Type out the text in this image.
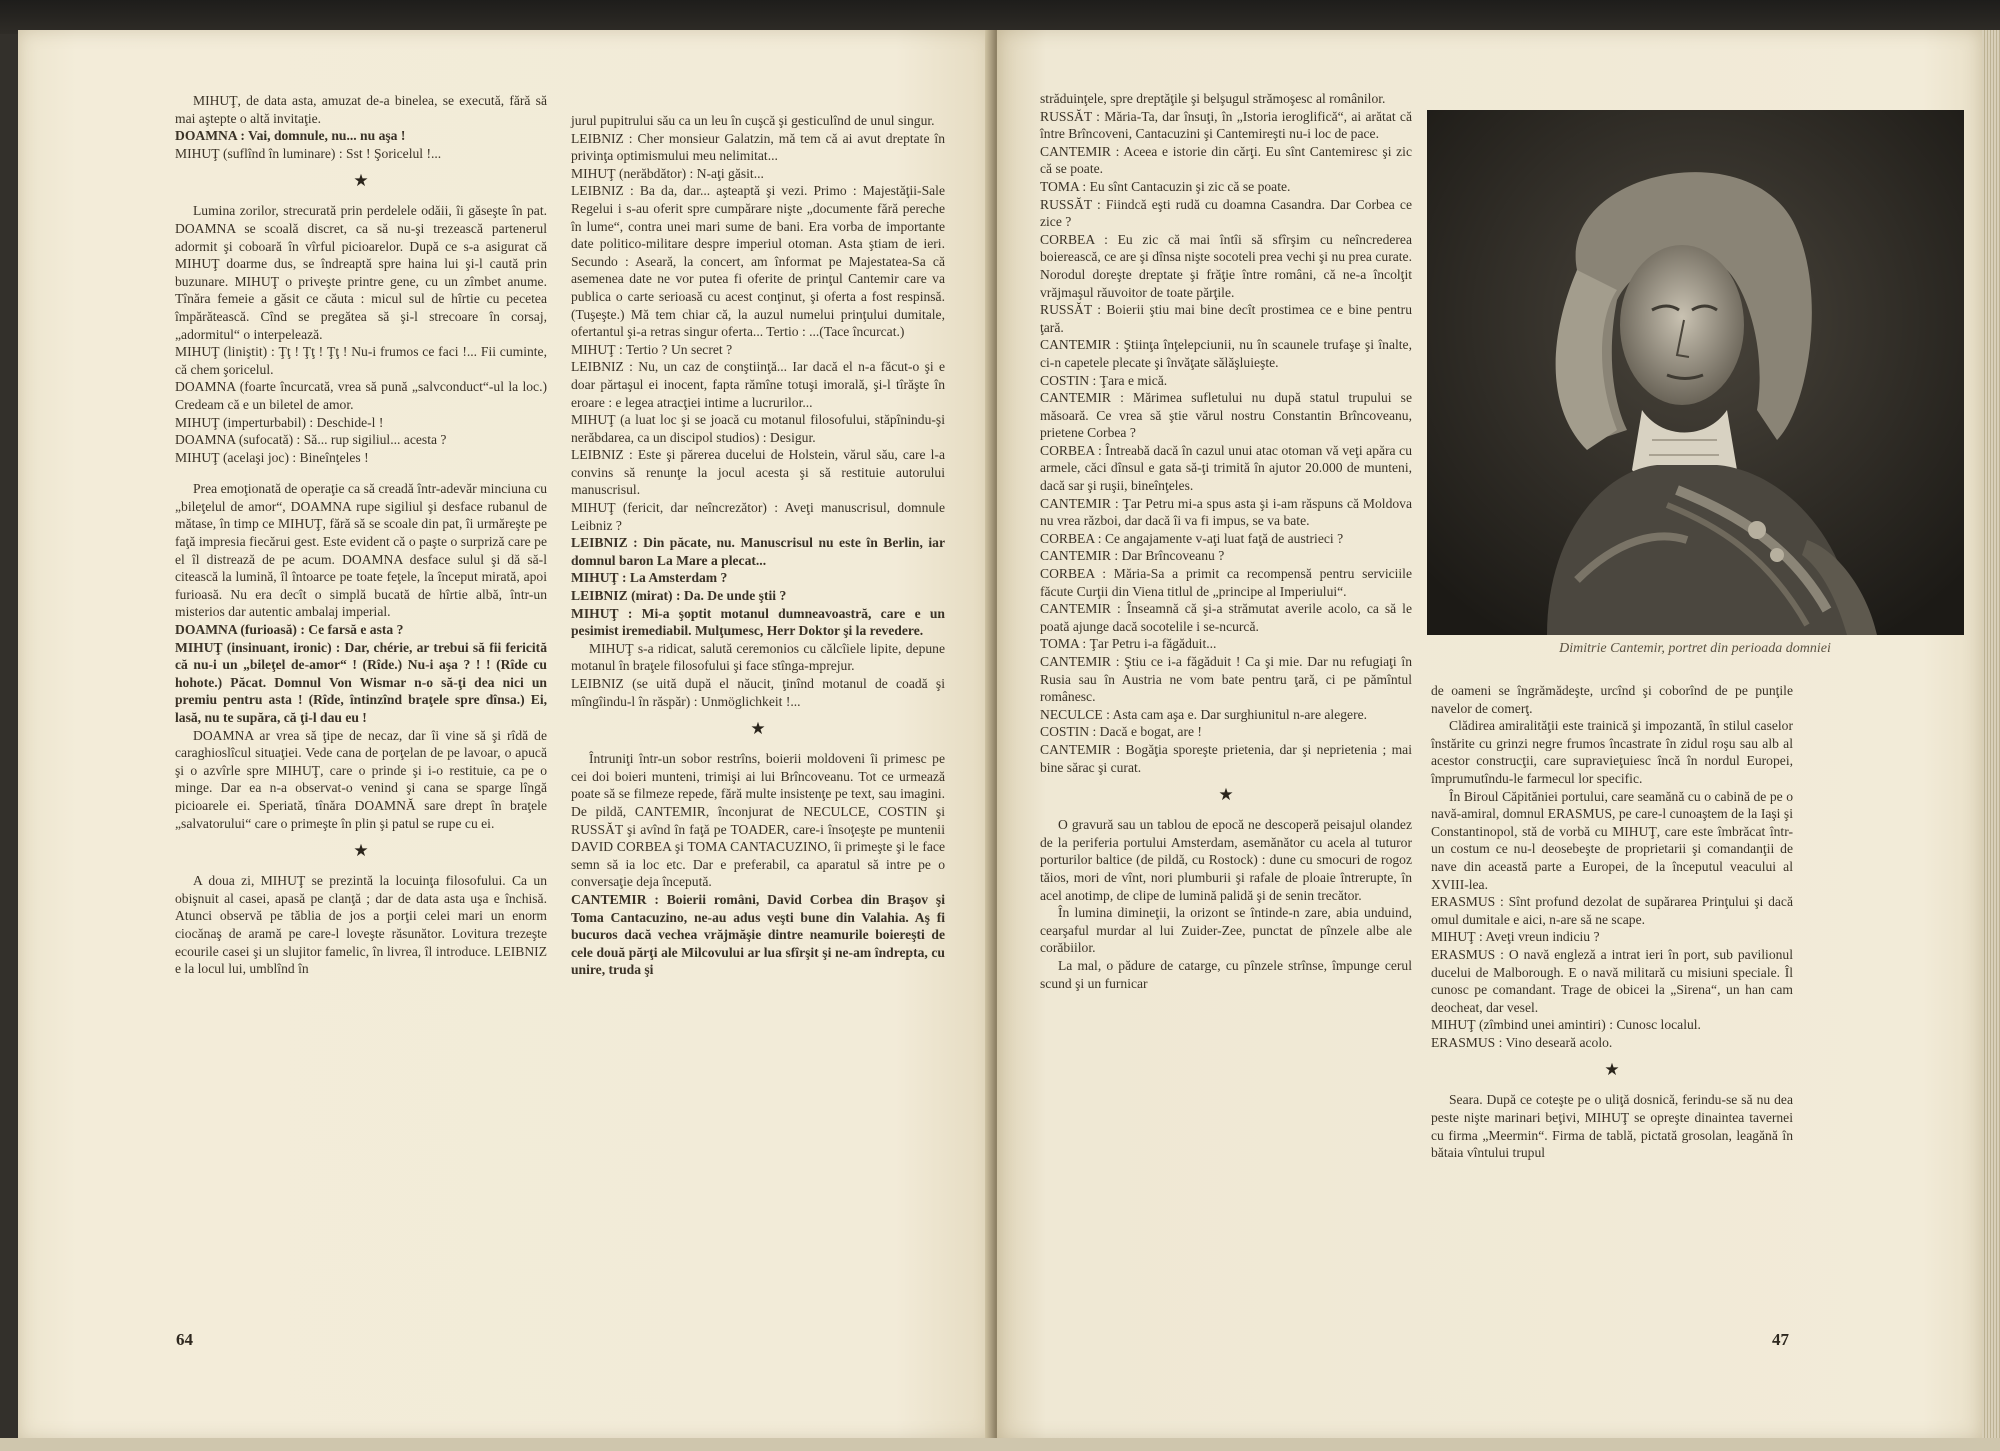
MIHUŢ, de data asta, amuzat de-a binelea, se execută, fără să mai aştepte o altă invitaţie.

DOAMNA : Vai, domnule, nu... nu aşa !

MIHUŢ (suflînd în luminare) : Sst ! Şoricelul !...

★

Lumina zorilor, strecurată prin perdelele odăii, îi găseşte în pat. DOAMNA se scoală discret, ca să nu-şi trezească partenerul adormit şi coboară în vîrful picioarelor. După ce s-a asigurat că MIHUŢ doarme dus, se îndreaptă spre haina lui şi-l caută prin buzunare. MIHUŢ o priveşte printre gene, cu un zîmbet anume. Tînăra femeie a găsit ce căuta : micul sul de hîrtie cu pecetea împărătească. Cînd se pregătea să şi-l strecoare în corsaj, „adormitul“ o interpelează.

MIHUŢ (liniştit) : Ţţ ! Ţţ ! Ţţ ! Nu-i frumos ce faci !... Fii cuminte, că chem şoricelul.

DOAMNA (foarte încurcată, vrea să pună „salvconduct“-ul la loc.) Credeam că e un biletel de amor.

MIHUŢ (imperturbabil) : Deschide-l !

DOAMNA (sufocată) : Să... rup sigiliul... acesta ?

MIHUŢ (acelaşi joc) : Bineînţeles !

Prea emoţionată de operaţie ca să creadă într-adevăr minciuna cu „bileţelul de amor“, DOAMNA rupe sigiliul şi desface rubanul de mătase, în timp ce MIHUŢ, fără să se scoale din pat, îi urmăreşte pe faţă impresia fiecărui gest. Este evident că o paşte o surpriză care pe el îl distrează de pe acum. DOAMNA desface sulul şi dă să-l citească la lumină, îl întoarce pe toate feţele, la început mirată, apoi furioasă. Nu era decît o simplă bucată de hîrtie albă, într-un misterios dar autentic ambalaj imperial.

DOAMNA (furioasă) : Ce farsă e asta ?

MIHUŢ (insinuant, ironic) : Dar, chérie, ar trebui să fii fericită că nu-i un „bileţel de-amor“ ! (Rîde.) Nu-i aşa ? ! ! (Rîde cu hohote.) Păcat. Domnul Von Wismar n-o să-ţi dea nici un premiu pentru asta ! (Rîde, întinzînd braţele spre dînsa.) Ei, lasă, nu te supăra, că ţi-l dau eu !

DOAMNA ar vrea să ţipe de necaz, dar îi vine să şi rîdă de caraghioslîcul situaţiei. Vede cana de porţelan de pe lavoar, o apucă şi o azvîrle spre MIHUŢ, care o prinde şi i-o restituie, ca pe o minge. Dar ea n-a observat-o venind şi cana se sparge lîngă picioarele ei. Speriată, tînăra DOAMNĂ sare drept în braţele „salvatorului“ care o primeşte în plin şi patul se rupe cu ei.

★

A doua zi, MIHUŢ se prezintă la locuinţa filosofului. Ca un obişnuit al casei, apasă pe clanţă ; dar de data asta uşa e închisă. Atunci observă pe tăblia de jos a porţii celei mari un enorm ciocănaş de aramă pe care-l loveşte răsunător. Lovitura trezeşte ecourile casei şi un slujitor famelic, în livrea, îl introduce. LEIBNIZ e la locul lui, umblînd în

jurul pupitrului său ca un leu în cuşcă şi gesticulînd de unul singur.

LEIBNIZ : Cher monsieur Galatzin, mă tem că ai avut dreptate în privinţa optimismului meu nelimitat...

MIHUŢ (nerăbdător) : N-aţi găsit...

LEIBNIZ : Ba da, dar... aşteaptă şi vezi. Primo : Majestăţii-Sale Regelui i s-au oferit spre cumpărare nişte „documente fără pereche în lume“, contra unei mari sume de bani. Era vorba de importante date politico-militare despre imperiul otoman. Asta ştiam de ieri. Secundo : Aseară, la concert, am înformat pe Majestatea-Sa că asemenea date ne vor putea fi oferite de prinţul Cantemir care va publica o carte serioasă cu acest conţinut, şi oferta a fost respinsă. (Tuşeşte.) Mă tem chiar că, la auzul numelui prinţului dumitale, ofertantul şi-a retras singur oferta... Tertio : ...(Tace încurcat.)

MIHUŢ : Tertio ? Un secret ?

LEIBNIZ : Nu, un caz de conştiinţă... Iar dacă el n-a făcut-o şi e doar părtaşul ei inocent, fapta rămîne totuşi imorală, şi-l tîrăşte în eroare : e legea atracţiei intime a lucrurilor...

MIHUŢ (a luat loc şi se joacă cu motanul filosofului, stăpînindu-şi nerăbdarea, ca un discipol studios) : Desigur.

LEIBNIZ : Este şi părerea ducelui de Holstein, vărul său, care l-a convins să renunţe la jocul acesta şi să restituie autorului manuscrisul.

MIHUŢ (fericit, dar neîncrezător) : Aveţi manuscrisul, domnule Leibniz ?

LEIBNIZ : Din păcate, nu. Manuscrisul nu este în Berlin, iar domnul baron La Mare a plecat...

MIHUŢ : La Amsterdam ?

LEIBNIZ (mirat) : Da. De unde ştii ?

MIHUŢ : Mi-a şoptit motanul dumneavoastră, care e un pesimist iremediabil. Mulţumesc, Herr Doktor şi la revedere.

MIHUŢ s-a ridicat, salută ceremonios cu călcîiele lipite, depune motanul în braţele filosofului şi face stînga-mprejur.

LEIBNIZ (se uită după el năucit, ţinînd motanul de coadă şi mîngîindu-l în răspăr) : Unmöglichkeit !...

★

Întruniţi într-un sobor restrîns, boierii moldoveni îi primesc pe cei doi boieri munteni, trimişi ai lui Brîncoveanu. Tot ce urmează poate să se filmeze repede, fără multe insistenţe pe text, sau imagini. De pildă, CANTEMIR, înconjurat de NECULCE, COSTIN şi RUSSĂT şi avînd în faţă pe TOADER, care-i însoţeşte pe muntenii DAVID CORBEA şi TOMA CANTACUZINO, îi primeşte şi le face semn să ia loc etc. Dar e preferabil, ca aparatul să intre pe o conversaţie deja începută.

CANTEMIR : Boierii români, David Corbea din Braşov şi Toma Cantacuzino, ne-au adus veşti bune din Valahia. Aş fi bucuros dacă vechea vrăjmăşie dintre neamurile boiereşti de cele două părţi ale Milcovului ar lua sfîrşit şi ne-am îndrepta, cu unire, truda şi

64

străduinţele, spre dreptăţile şi belşugul strămoşesc al românilor.

RUSSĂT : Măria-Ta, dar însuţi, în „Istoria ieroglifică“, ai arătat că între Brîncoveni, Cantacuzini şi Cantemireşti nu-i loc de pace.

CANTEMIR : Aceea e istorie din cărţi. Eu sînt Cantemiresc şi zic că se poate.

TOMA : Eu sînt Cantacuzin şi zic că se poate.

RUSSĂT : Fiindcă eşti rudă cu doamna Casandra. Dar Corbea ce zice ?

CORBEA : Eu zic că mai întîi să sfîrşim cu neîncrederea boierească, ce are şi dînsa nişte socoteli prea vechi şi nu prea curate. Norodul doreşte dreptate şi frăţie între români, că ne-a încolţit vrăjmaşul răuvoitor de toate părţile.

RUSSĂT : Boierii ştiu mai bine decît prostimea ce e bine pentru ţară.

CANTEMIR : Ştiinţa înţelepciunii, nu în scaunele trufaşe şi înalte, ci-n capetele plecate şi învăţate sălăşluieşte.

COSTIN : Ţara e mică.

CANTEMIR : Mărimea sufletului nu după statul trupului se măsoară. Ce vrea să ştie vărul nostru Constantin Brîncoveanu, prietene Corbea ?

CORBEA : Întreabă dacă în cazul unui atac otoman vă veţi apăra cu armele, căci dînsul e gata să-ţi trimită în ajutor 20.000 de munteni, dacă sar şi ruşii, bineînţeles.

CANTEMIR : Ţar Petru mi-a spus asta şi i-am răspuns că Moldova nu vrea război, dar dacă îi va fi impus, se va bate.

CORBEA : Ce angajamente v-aţi luat faţă de austrieci ?

CANTEMIR : Dar Brîncoveanu ?

CORBEA : Măria-Sa a primit ca recompensă pentru serviciile făcute Curţii din Viena titlul de „principe al Imperiului“.

CANTEMIR : Înseamnă că şi-a strămutat averile acolo, ca să le poată ajunge dacă socotelile i se-ncurcă.

TOMA : Ţar Petru i-a făgăduit...

CANTEMIR : Ştiu ce i-a făgăduit ! Ca şi mie. Dar nu refugiaţi în Rusia sau în Austria ne vom bate pentru ţară, ci pe pămîntul românesc.

NECULCE : Asta cam aşa e. Dar surghiunitul n-are alegere.

COSTIN : Dacă e bogat, are !

CANTEMIR : Bogăţia sporeşte prietenia, dar şi neprietenia ; mai bine sărac şi curat.

★

O gravură sau un tablou de epocă ne descoperă peisajul olandez de la periferia portului Amsterdam, asemănător cu acela al tuturor porturilor baltice (de pildă, cu Rostock) : dune cu smocuri de rogoz tăios, mori de vînt, nori plumburii şi rafale de ploaie întrerupte, în acel anotimp, de clipe de lumină palidă şi de senin trecător.

În lumina dimineţii, la orizont se întinde-n zare, abia unduind, cearşaful murdar al lui Zuider-Zee, punctat de pînzele albe ale corăbiilor.

La mal, o pădure de catarge, cu pînzele strînse, împunge cerul scund şi un furnicar

de oameni se îngrămădeşte, urcînd şi coborînd de pe punţile navelor de comerţ.

Clădirea amiralităţii este trainică şi impozantă, în stilul caselor înstărite cu grinzi negre frumos încastrate în zidul roşu sau alb al acestor construcţii, care supravieţuiesc încă în nordul Europei, împrumutîndu-le farmecul lor specific.

În Biroul Căpităniei portului, care seamănă cu o cabină de pe o navă-amiral, domnul ERASMUS, pe care-l cunoaştem de la Iaşi şi Constantinopol, stă de vorbă cu MIHUŢ, care este îmbrăcat într-un costum ce nu-l deosebeşte de proprietarii şi comandanţii de nave din această parte a Europei, de la începutul veacului al XVIII-lea.

ERASMUS : Sînt profund dezolat de supărarea Prinţului şi dacă omul dumitale e aici, n-are să ne scape.

MIHUŢ : Aveţi vreun indiciu ?

ERASMUS : O navă engleză a intrat ieri în port, sub pavilionul ducelui de Malborough. E o navă militară cu misiuni speciale. Îl cunosc pe comandant. Trage de obicei la „Sirena“, un han cam deocheat, dar vesel.

MIHUŢ (zîmbind unei amintiri) : Cunosc localul.

ERASMUS : Vino deseară acolo.

★

Seara. După ce coteşte pe o uliţă dosnică, ferindu-se să nu dea peste nişte marinari beţivi, MIHUŢ se opreşte dinaintea tavernei cu firma „Meermin“. Firma de tablă, pictată grosolan, leagănă în bătaia vîntului trupul

47
Dimitrie Cantemir, portret din perioada domniei
